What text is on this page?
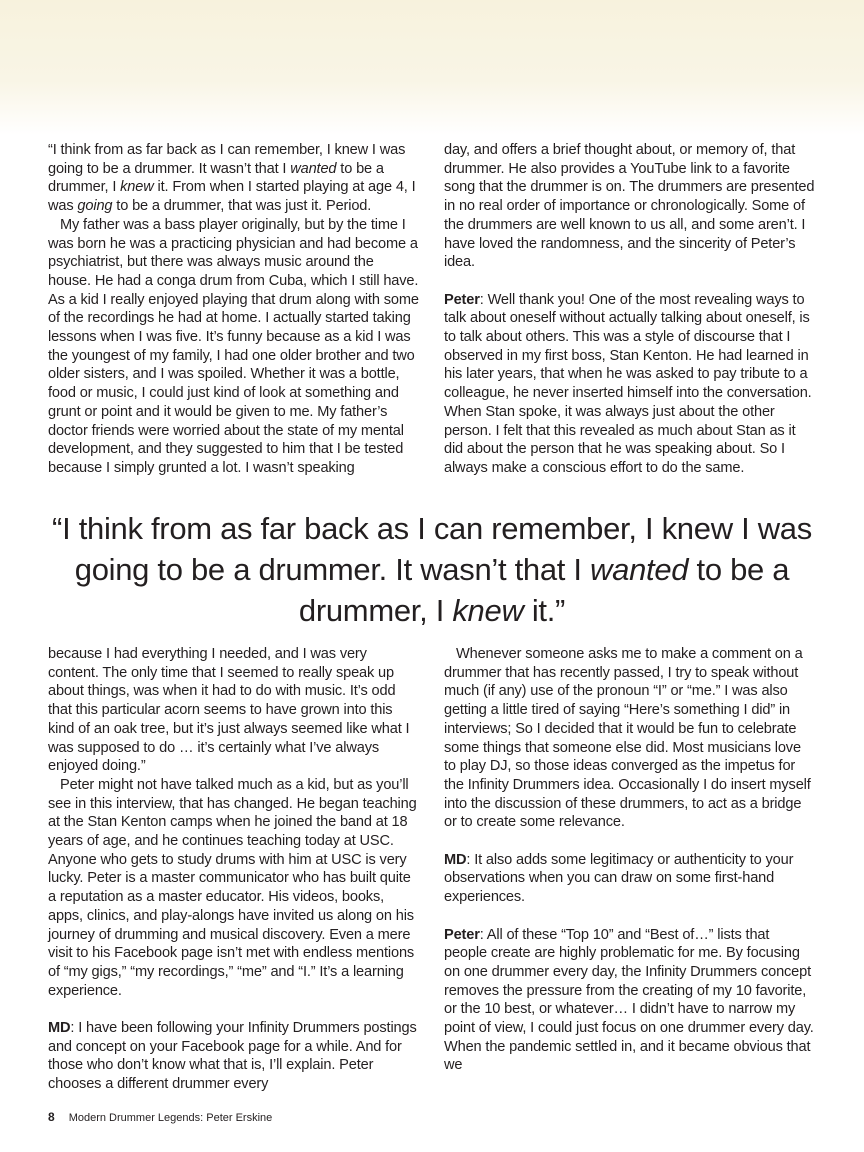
“I think from as far back as I can remember, I knew I was going to be a drummer. It wasn’t that I wanted to be a drummer, I knew it. From when I started playing at age 4, I was going to be a drummer, that was just it. Period.

My father was a bass player originally, but by the time I was born he was a practicing physician and had become a psychiatrist, but there was always music around the house. He had a conga drum from Cuba, which I still have. As a kid I really enjoyed playing that drum along with some of the recordings he had at home. I actually started taking lessons when I was five. It’s funny because as a kid I was the youngest of my family, I had one older brother and two older sisters, and I was spoiled. Whether it was a bottle, food or music, I could just kind of look at something and grunt or point and it would be given to me. My father’s doctor friends were worried about the state of my mental development, and they suggested to him that I be tested because I simply grunted a lot. I wasn’t speaking

day, and offers a brief thought about, or memory of, that drummer. He also provides a YouTube link to a favorite song that the drummer is on. The drummers are presented in no real order of importance or chronologically. Some of the drummers are well known to us all, and some aren’t. I have loved the randomness, and the sincerity of Peter’s idea.

Peter: Well thank you! One of the most revealing ways to talk about oneself without actually talking about oneself, is to talk about others. This was a style of discourse that I observed in my first boss, Stan Kenton. He had learned in his later years, that when he was asked to pay tribute to a colleague, he never inserted himself into the conversation. When Stan spoke, it was always just about the other person. I felt that this revealed as much about Stan as it did about the person that he was speaking about. So I always make a conscious effort to do the same.

“I think from as far back as I can remember, I knew I was going to be a drummer. It wasn’t that I wanted to be a drummer, I knew it.”

because I had everything I needed, and I was very content. The only time that I seemed to really speak up about things, was when it had to do with music. It’s odd that this particular acorn seems to have grown into this kind of an oak tree, but it’s just always seemed like what I was supposed to do … it’s certainly what I’ve always enjoyed doing.”

Peter might not have talked much as a kid, but as you’ll see in this interview, that has changed. He began teaching at the Stan Kenton camps when he joined the band at 18 years of age, and he continues teaching today at USC. Anyone who gets to study drums with him at USC is very lucky. Peter is a master communicator who has built quite a reputation as a master educator. His videos, books, apps, clinics, and play-alongs have invited us along on his journey of drumming and musical discovery. Even a mere visit to his Facebook page isn’t met with endless mentions of “my gigs,” “my recordings,” “me” and “I.” It’s a learning experience.

MD: I have been following your Infinity Drummers postings and concept on your Facebook page for a while. And for those who don’t know what that is, I’ll explain. Peter chooses a different drummer every

Whenever someone asks me to make a comment on a drummer that has recently passed, I try to speak without much (if any) use of the pronoun “I” or “me.” I was also getting a little tired of saying “Here’s something I did” in interviews; So I decided that it would be fun to celebrate some things that someone else did. Most musicians love to play DJ, so those ideas converged as the impetus for the Infinity Drummers idea. Occasionally I do insert myself into the discussion of these drummers, to act as a bridge or to create some relevance.

MD: It also adds some legitimacy or authenticity to your observations when you can draw on some first-hand experiences.

Peter: All of these “Top 10” and “Best of…” lists that people create are highly problematic for me. By focusing on one drummer every day, the Infinity Drummers concept removes the pressure from the creating of my 10 favorite, or the 10 best, or whatever… I didn’t have to narrow my point of view, I could just focus on one drummer every day. When the pandemic settled in, and it became obvious that we

8 Modern Drummer Legends: Peter Erskine
